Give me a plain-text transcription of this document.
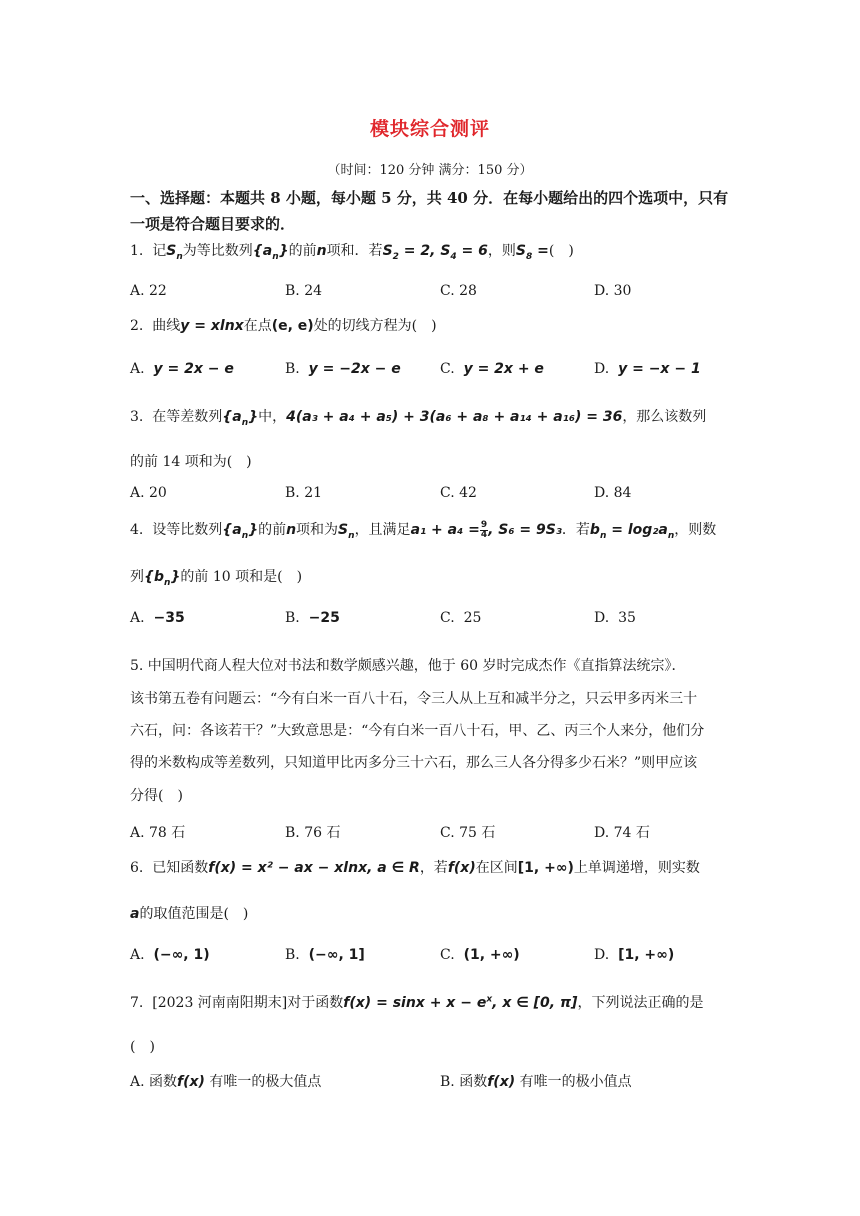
模块综合测评
（时间：120 分钟 满分：150 分）
一、选择题：本题共 8 小题，每小题 5 分，共 40 分．在每小题给出的四个选项中，只有一项是符合题目要求的．
1. 记$S_n$为等比数列$\{a_n\}$的前n项和．若$S_2 = 2$, $S_4 = 6$，则$S_8$ =(　)
A. 22	B. 24	C. 28	D. 30
2. 曲线y = xlnx在点(e, e)处的切线方程为(　)
A. y = 2x − e	B. y = −2x − e	C. y = 2x + e	D. y = −x − 1
3. 在等差数列$\{a_n\}$中，4(a₃ + a₄ + a₅) + 3(a₆ + a₈ + a₁₄ + a₁₆) = 36，那么该数列
的前 14 项和为(　)
A. 20	B. 21	C. 42	D. 84
4. 设等比数列$\{a_n\}$的前n项和为$S_n$，且满足$a_1 + a_4 = \frac{9}{4}$ , S₆ = 9S₃．若$b_n = \log_2a_n$，则数
列$\{b_n\}$的前 10 项和是(　)
A. −35	B. −25	C. 25	D. 35
5. 中国明代商人程大位对书法和数学颇感兴趣，他于 60 岁时完成杰作《直指算法统宗》．
该书第五卷有问题云：“今有白米一百八十石，令三人从上互和减半分之，只云甲多丙米三十
六石，问：各该若干？”大致意思是：“今有白米一百八十石，甲、乙、丙三个人来分，他们分
得的米数构成等差数列，只知道甲比丙多分三十六石，那么三人各分得多少石米？”则甲应该
分得(　)
A. 78 石	B. 76 石	C. 75 石	D. 74 石
6. 已知函数f(x) = x² − ax − xlnx, a ∈ R，若f(x)在区间[1, +∞)上单调递增，则实数
a的取值范围是(　)
A. (−∞, 1)	B. (−∞, 1]	C. (1, +∞)	D. [1, +∞)
7. [2023 河南南阳期末]对于函数$f(x) = \sin x + x - e^x$, x ∈ [0, π]，下列说法正确的是
(　)
A. 函数f(x) 有唯一的极大值点	B. 函数f(x) 有唯一的极小值点
